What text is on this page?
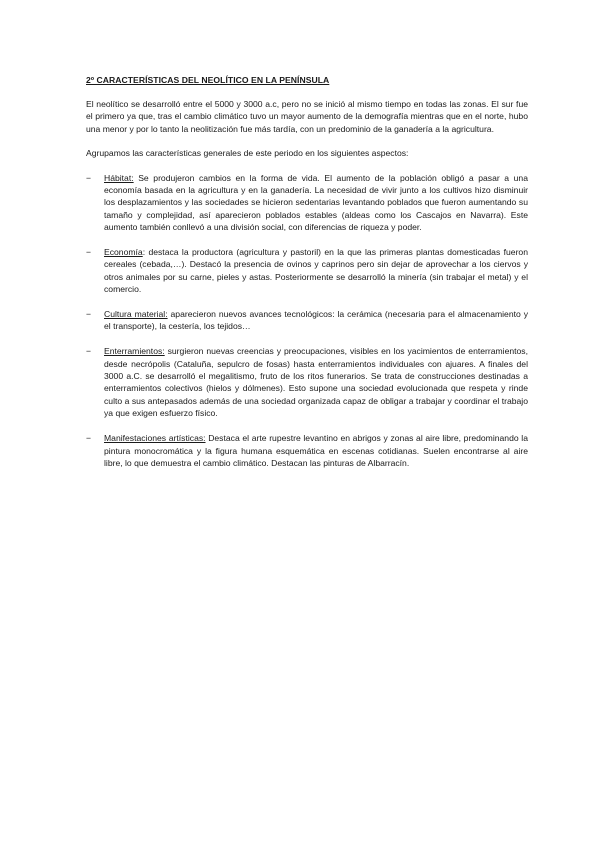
2º CARACTERÍSTICAS DEL NEOLÍTICO EN LA PENÍNSULA

El neolítico se desarrolló entre el 5000 y 3000 a.c, pero no se inició al mismo tiempo en todas las zonas. El sur fue el primero ya que, tras el cambio climático tuvo un mayor aumento de la demografía mientras que en el norte, hubo una menor y por lo tanto la neolitización fue más tardía, con un predominio de la ganadería a la agricultura.

Agrupamos las características generales de este periodo en los siguientes aspectos:

− Hábitat: Se produjeron cambios en la forma de vida. El aumento de la población obligó a pasar a una economía basada en la agricultura y en la ganadería. La necesidad de vivir junto a los cultivos hizo disminuir los desplazamientos y las sociedades se hicieron sedentarias levantando poblados que fueron aumentando su tamaño y complejidad, así aparecieron poblados estables (aldeas como los Cascajos en Navarra). Este aumento también conllevó a una división social, con diferencias de riqueza y poder.
− Economía: destaca la productora (agricultura y pastoril) en la que las primeras plantas domesticadas fueron cereales (cebada,…). Destacó la presencia de ovinos y caprinos pero sin dejar de aprovechar a los ciervos y otros animales por su carne, pieles y astas. Posteriormente se desarrolló la minería (sin trabajar el metal) y el comercio.
− Cultura material: aparecieron nuevos avances tecnológicos: la cerámica (necesaria para el almacenamiento y el transporte), la cestería, los tejidos…
− Enterramientos: surgieron nuevas creencias y preocupaciones, visibles en los yacimientos de enterramientos, desde necrópolis (Cataluña, sepulcro de fosas) hasta enterramientos individuales con ajuares. A finales del 3000 a.C. se desarrolló el megalitismo, fruto de los ritos funerarios. Se trata de construcciones destinadas a enterramientos colectivos (hielos y dólmenes). Esto supone una sociedad evolucionada que respeta y rinde culto a sus antepasados además de una sociedad organizada capaz de obligar a trabajar y coordinar el trabajo ya que exigen esfuerzo físico.
− Manifestaciones artísticas: Destaca el arte rupestre levantino en abrigos y zonas al aire libre, predominando la pintura monocromática y la figura humana esquemática en escenas cotidianas. Suelen encontrarse al aire libre, lo que demuestra el cambio climático. Destacan las pinturas de Albarracín.
